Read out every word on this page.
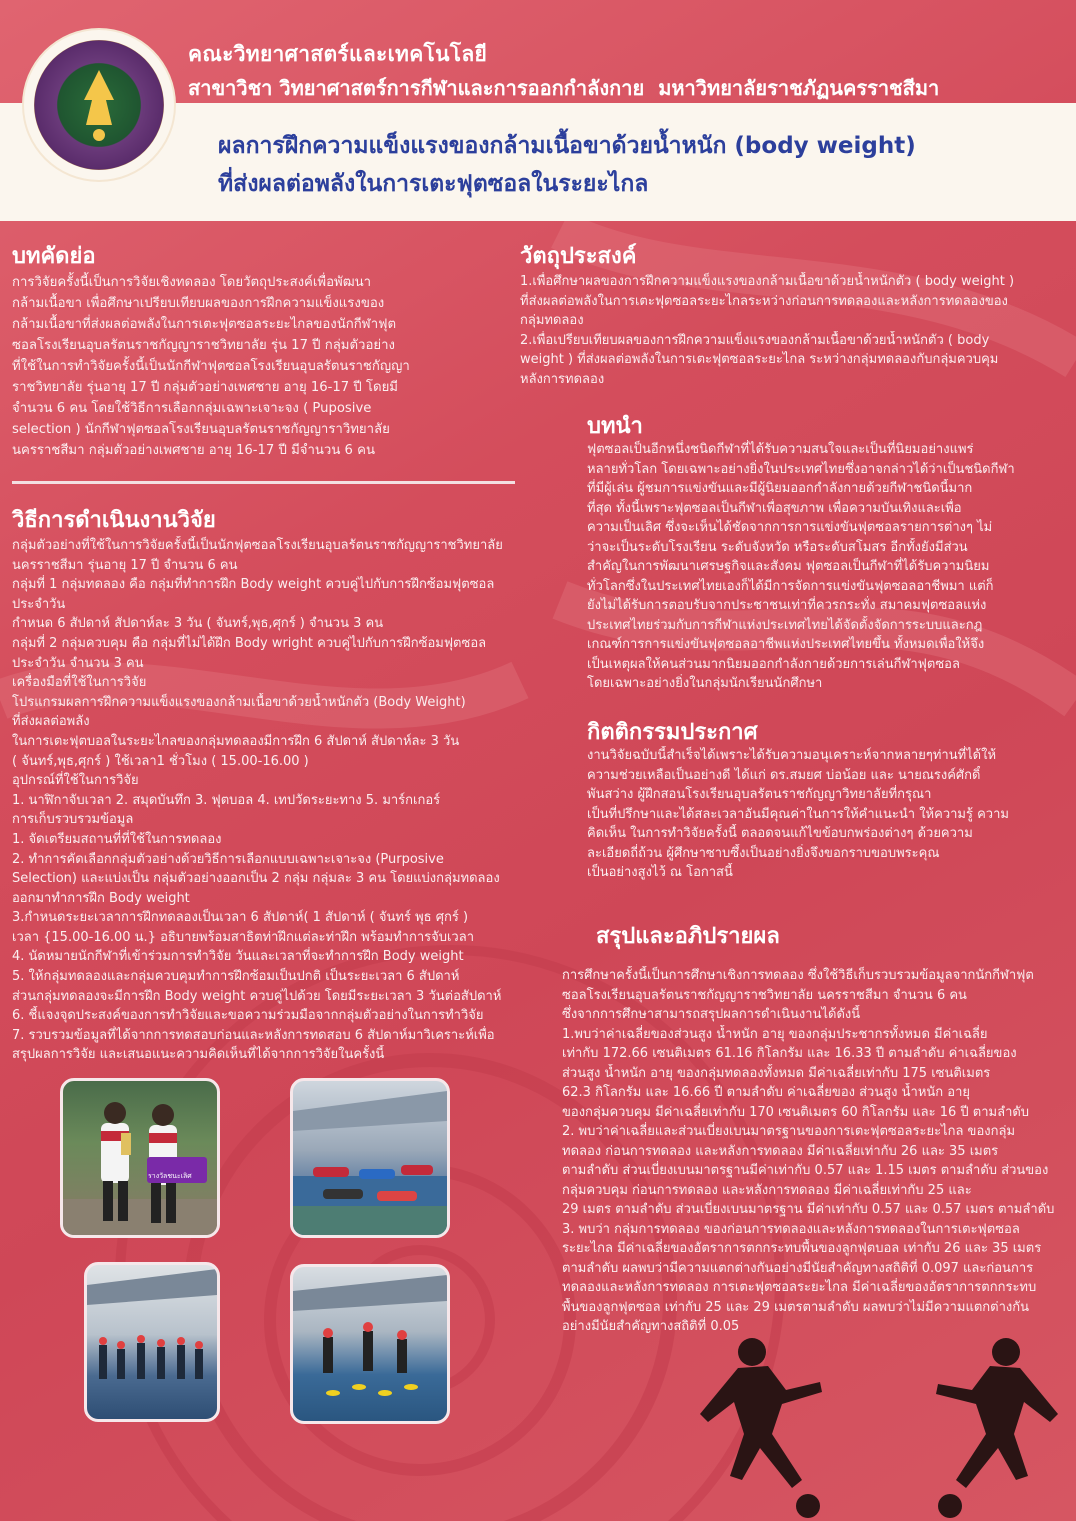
คณะวิทยาศาสตร์และเทคโนโลยี
สาขาวิชา วิทยาศาสตร์การกีฬาและการออกกำลังกาย มหาวิทยาลัยราชภัฏนครราชสีมา
ผลการฝึกความแข็งแรงของกล้ามเนื้อขาด้วยน้ำหนัก (body weight)
ที่ส่งผลต่อพลังในการเตะฟุตซอลในระยะไกล
บทคัดย่อ
การวิจัยครั้งนี้เป็นการวิจัยเชิงทดลอง โดยวัตถุประสงค์เพื่อพัฒนา
กล้ามเนื้อขา เพื่อศึกษาเปรียบเทียบผลของการฝึกความแข็งแรงของ
กล้ามเนื้อขาที่ส่งผลต่อพลังในการเตะฟุตซอลระยะไกลของนักกีฬาฟุต
ซอลโรงเรียนอุบลรัตนราชกัญญาราชวิทยาลัย รุ่น 17 ปี กลุ่มตัวอย่าง
ที่ใช้ในการทำวิจัยครั้งนี้เป็นนักกีฬาฟุตซอลโรงเรียนอุบลรัตนราชกัญญา
ราชวิทยาลัย รุ่นอายุ 17 ปี กลุ่มตัวอย่างเพศชาย อายุ 16-17 ปี โดยมี
จำนวน 6 คน โดยใช้วิธีการเลือกกลุ่มเฉพาะเจาะจง ( Puposive
selection ) นักกีฬาฟุตซอลโรงเรียนอุบลรัตนราชกัญญาราวิทยาลัย
นครราชสีมา กลุ่มตัวอย่างเพศชาย อายุ 16-17 ปี มีจำนวน 6 คน
วิธีการดำเนินงานวิจัย
กลุ่มตัวอย่างที่ใช้ในการวิจัยครั้งนี้เป็นนักฟุตซอลโรงเรียนอุบลรัตนราชกัญญาราชวิทยาลัย
นครราชสีมา รุ่นอายุ 17 ปี จำนวน 6 คน
กลุ่มที่ 1 กลุ่มทดลอง คือ กลุ่มที่ทำการฝึก Body weight ควบคู่ไปกับการฝึกซ้อมฟุตซอล
ประจำวัน
กำหนด 6 สัปดาห์ สัปดาห์ละ 3 วัน ( จันทร์,พุธ,ศุกร์ ) จำนวน 3 คน
กลุ่มที่ 2 กลุ่มควบคุม คือ กลุ่มที่ไม่ได้ฝึก Body wright ควบคู่ไปกับการฝึกซ้อมฟุตซอล
ประจำวัน จำนวน 3 คน
เครื่องมือที่ใช้ในการวิจัย
โปรแกรมผลการฝึกความแข็งแรงของกล้ามเนื้อขาด้วยน้ำหนักตัว (Body Weight)
ที่ส่งผลต่อพลัง
ในการเตะฟุตบอลในระยะไกลของกลุ่มทดลองมีการฝึก 6 สัปดาห์ สัปดาห์ละ 3 วัน
( จันทร์,พุธ,ศุกร์ ) ใช้เวลา1 ชั่วโมง ( 15.00-16.00 )
อุปกรณ์ที่ใช้ในการวิจัย
1. นาฬิกาจับเวลา 2. สมุดบันทึก 3. ฟุตบอล 4. เทปวัดระยะทาง 5. มาร์กเกอร์
การเก็บรวบรวมข้อมูล
1. จัดเตรียมสถานที่ที่ใช้ในการทดลอง
2. ทำการคัดเลือกกลุ่มตัวอย่างด้วยวิธีการเลือกแบบเฉพาะเจาะจง (Purposive
Selection) และแบ่งเป็น กลุ่มตัวอย่างออกเป็น 2 กลุ่ม กลุ่มละ 3 คน โดยแบ่งกลุ่มทดลอง
ออกมาทำการฝึก Body weight
3.กำหนดระยะเวลาการฝึกทดลองเป็นเวลา 6 สัปดาห์( 1 สัปดาห์ ( จันทร์ พุธ ศุกร์ )
เวลา {15.00-16.00 น.} อธิบายพร้อมสาธิตท่าฝึกแต่ละท่าฝึก พร้อมทำการจับเวลา
4. นัดหมายนักกีฬาที่เข้าร่วมการทำวิจัย วันและเวลาที่จะทำการฝึก Body weight
5. ให้กลุ่มทดลองและกลุ่มควบคุมทำการฝึกซ้อมเป็นปกติ เป็นระยะเวลา 6 สัปดาห์
ส่วนกลุ่มทดลองจะมีการฝึก Body weight ควบคู่ไปด้วย โดยมีระยะเวลา 3 วันต่อสัปดาห์
6. ชี้แจงจุดประสงค์ของการทำวิจัยและขอความร่วมมือจากกลุ่มตัวอย่างในการทำวิจัย
7. รวบรวมข้อมูลที่ได้จากการทดสอบก่อนและหลังการทดสอบ 6 สัปดาห์มาวิเคราะห์เพื่อ
สรุปผลการวิจัย และเสนอแนะความคิดเห็นที่ได้จากการวิจัยในครั้งนี้
วัตถุประสงค์
1.เพื่อศึกษาผลของการฝึกความแข็งแรงของกล้ามเนื้อขาด้วยน้ำหนักตัว ( body weight )
ที่ส่งผลต่อพลังในการเตะฟุตซอลระยะไกลระหว่างก่อนการทดลองและหลังการทดลองของ
กลุ่มทดลอง
2.เพื่อเปรียบเทียบผลของการฝึกความแข็งแรงของกล้ามเนื้อขาด้วยน้ำหนักตัว ( body
weight ) ที่ส่งผลต่อพลังในการเตะฟุตซอลระยะไกล ระหว่างกลุ่มทดลองกับกลุ่มควบคุม
หลังการทดลอง
บทนำ
ฟุตซอลเป็นอีกหนึ่งชนิดกีฬาที่ได้รับความสนใจและเป็นที่นิยมอย่างแพร่
หลายทั่วโลก โดยเฉพาะอย่างยิ่งในประเทศไทยซึ่งอาจกล่าวได้ว่าเป็นชนิดกีฬา
ที่มีผู้เล่น ผู้ชมการแข่งขันและมีผู้นิยมออกกำลังกายด้วยกีฬาชนิดนี้มาก
ที่สุด ทั้งนี้เพราะฟุตซอลเป็นกีฬาเพื่อสุขภาพ เพื่อความบันเทิงและเพื่อ
ความเป็นเลิศ ซึ่งจะเห็นได้ชัดจากการการแข่งขันฟุตซอลรายการต่างๆ ไม่
ว่าจะเป็นระดับโรงเรียน ระดับจังหวัด หรือระดับสโมสร อีกทั้งยังมีส่วน
สำคัญในการพัฒนาเศรษฐกิจและสังคม ฟุตซอลเป็นกีฬาที่ได้รับความนิยม
ทั่วโลกซึ่งในประเทศไทยเองก็ได้มีการจัดการแข่งขันฟุตซอลอาชีพมา แต่ก็
ยังไม่ได้รับการตอบรับจากประชาชนเท่าที่ควรกระทั่ง สมาคมฟุตซอลแห่ง
ประเทศไทยร่วมกับการกีฬาแห่งประเทศไทยได้จัดตั้งจัดการระบบและกฎ
เกณฑ์การการแข่งขันฟุตซอลอาชีพแห่งประเทศไทยขึ้น ทั้งหมดเพื่อให้จึง
เป็นเหตุผลให้คนส่วนมากนิยมออกกำลังกายด้วยการเล่นกีฬาฟุตซอล
โดยเฉพาะอย่างยิ่งในกลุ่มนักเรียนนักศึกษา
กิตติกรรมประกาศ
งานวิจัยฉบับนี้สำเร็จได้เพราะได้รับความอนุเคราะห์จากหลายๆท่านที่ได้ให้
ความช่วยเหลือเป็นอย่างดี ได้แก่ ดร.สมยศ บ่อน้อย และ นายณรงค์ศักดิ์
พันสว่าง ผู้ฝึกสอนโรงเรียนอุบลรัตนราชกัญญาวิทยาลัยที่กรุณา
เป็นที่ปรึกษาและได้สละเวลาอันมีคุณค่าในการให้คำแนะนำ ให้ความรู้ ความ
คิดเห็น ในการทำวิจัยครั้งนี้ ตลอดจนแก้ไขข้อบกพร่องต่างๆ ด้วยความ
ละเอียดถี่ถ้วน ผู้ศึกษาซาบซึ้งเป็นอย่างยิ่งจึงขอกราบขอบพระคุณ
เป็นอย่างสูงไว้ ณ โอกาสนี้
สรุปและอภิปรายผล
การศึกษาครั้งนี้เป็นการศึกษาเชิงการทดลอง ซึ่งใช้วิธีเก็บรวบรวมข้อมูลจากนักกีฬาฟุต
ซอลโรงเรียนอุบลรัตนราชกัญญาราชวิทยาลัย นครราชสีมา จำนวน 6 คน
ซึ่งจากการศึกษาสามารถสรุปผลการดำเนินงานได้ดังนี้
1.พบว่าค่าเฉลี่ยของส่วนสูง น้ำหนัก อายุ ของกลุ่มประชากรทั้งหมด มีค่าเฉลี่ย
เท่ากับ 172.66 เซนติเมตร 61.16 กิโลกรัม และ 16.33 ปี ตามลำดับ ค่าเฉลี่ยของ
ส่วนสูง น้ำหนัก อายุ ของกลุ่มทดลองทั้งหมด มีค่าเฉลี่ยเท่ากับ 175 เซนติเมตร
62.3 กิโลกรัม และ 16.66 ปี ตามลำดับ ค่าเฉลี่ยของ ส่วนสูง น้ำหนัก อายุ
ของกลุ่มควบคุม มีค่าเฉลี่ยเท่ากับ 170 เซนติเมตร 60 กิโลกรัม และ 16 ปี ตามลำดับ
2. พบว่าค่าเฉลี่ยและส่วนเบี่ยงเบนมาตรฐานของการเตะฟุตซอลระยะไกล ของกลุ่ม
ทดลอง ก่อนการทดลอง และหลังการทดลอง มีค่าเฉลี่ยเท่ากับ 26 และ 35 เมตร
ตามลำดับ ส่วนเบี่ยงเบนมาตรฐานมีค่าเท่ากับ 0.57 และ 1.15 เมตร ตามลำดับ ส่วนของ
กลุ่มควบคุม ก่อนการทดลอง และหลังการทดลอง มีค่าเฉลี่ยเท่ากับ 25 และ
29 เมตร ตามลำดับ ส่วนเบี่ยงเบนมาตรฐาน มีค่าเท่ากับ 0.57 และ 0.57 เมตร ตามลำดับ
3. พบว่า กลุ่มการทดลอง ของก่อนการทดลองและหลังการทดลองในการเตะฟุตซอล
ระยะไกล มีค่าเฉลี่ยของอัตราการตกกระทบพื้นของลูกฟุตบอล เท่ากับ 26 และ 35 เมตร
ตามลำดับ ผลพบว่ามีความแตกต่างกันอย่างมีนัยสำคัญทางสถิติที่ 0.097 และก่อนการ
ทดลองและหลังการทดลอง การเตะฟุตซอลระยะไกล มีค่าเฉลี่ยของอัตราการตกกระทบ
พื้นของลูกฟุตซอล เท่ากับ 25 และ 29 เมตรตามลำดับ ผลพบว่าไม่มีความแตกต่างกัน
อย่างมีนัยสำคัญทางสถิติที่ 0.05
รางวัลชนะเลิศ
